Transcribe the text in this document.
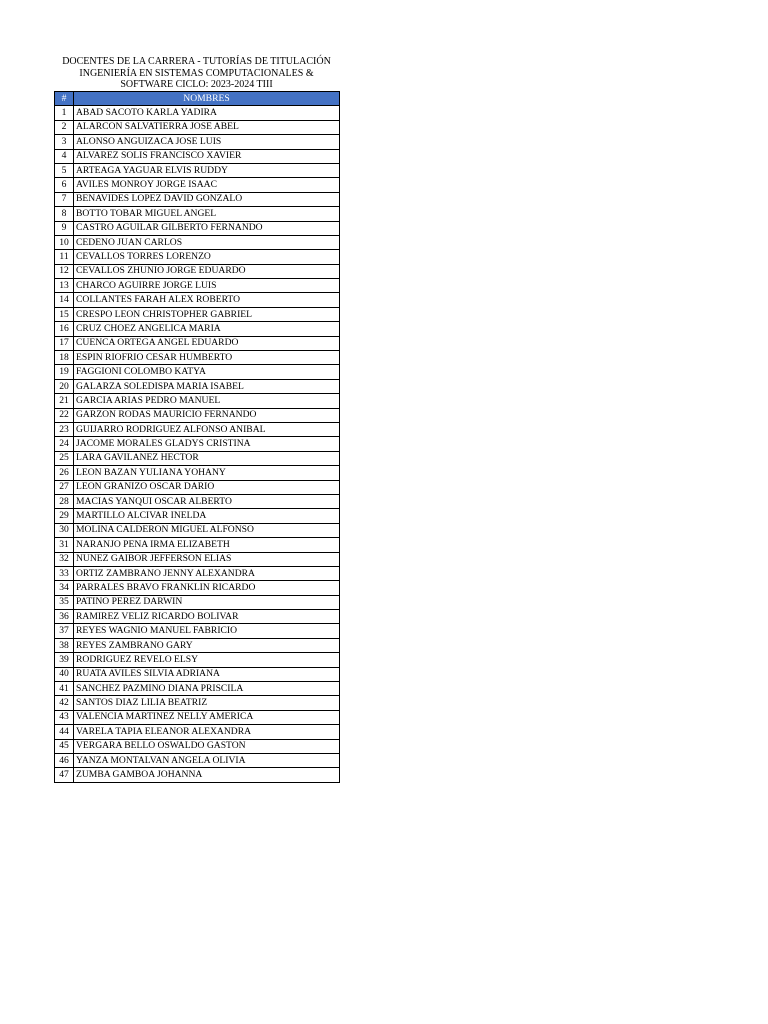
DOCENTES DE LA CARRERA - TUTORÍAS DE TITULACIÓN
INGENIERÍA EN SISTEMAS COMPUTACIONALES &
SOFTWARE CICLO: 2023-2024 TIII
#	NOMBRES
1	ABAD SACOTO KARLA YADIRA
2	ALARCON SALVATIERRA JOSE ABEL
3	ALONSO ANGUIZACA JOSE LUIS
4	ALVAREZ SOLIS FRANCISCO XAVIER
5	ARTEAGA YAGUAR ELVIS RUDDY
6	AVILES MONROY JORGE ISAAC
7	BENAVIDES LOPEZ DAVID GONZALO
8	BOTTO TOBAR MIGUEL ANGEL
9	CASTRO AGUILAR GILBERTO FERNANDO
10	CEDENO JUAN CARLOS
11	CEVALLOS TORRES LORENZO
12	CEVALLOS ZHUNIO JORGE EDUARDO
13	CHARCO AGUIRRE JORGE LUIS
14	COLLANTES FARAH ALEX ROBERTO
15	CRESPO LEON CHRISTOPHER GABRIEL
16	CRUZ CHOEZ ANGELICA MARIA
17	CUENCA ORTEGA ANGEL EDUARDO
18	ESPIN RIOFRIO CESAR HUMBERTO
19	FAGGIONI COLOMBO KATYA
20	GALARZA SOLEDISPA MARIA ISABEL
21	GARCIA ARIAS PEDRO MANUEL
22	GARZON RODAS MAURICIO FERNANDO
23	GUIJARRO RODRIGUEZ ALFONSO ANIBAL
24	JACOME MORALES GLADYS CRISTINA
25	LARA GAVILANEZ HECTOR
26	LEON BAZAN YULIANA YOHANY
27	LEON GRANIZO OSCAR DARIO
28	MACIAS YANQUI OSCAR ALBERTO
29	MARTILLO ALCIVAR INELDA
30	MOLINA CALDERON MIGUEL ALFONSO
31	NARANJO PENA IRMA ELIZABETH
32	NUNEZ GAIBOR JEFFERSON ELIAS
33	ORTIZ ZAMBRANO JENNY ALEXANDRA
34	PARRALES BRAVO FRANKLIN RICARDO
35	PATINO PEREZ DARWIN
36	RAMIREZ VELIZ RICARDO BOLIVAR
37	REYES WAGNIO MANUEL FABRICIO
38	REYES ZAMBRANO GARY
39	RODRIGUEZ REVELO ELSY
40	RUATA AVILES SILVIA ADRIANA
41	SANCHEZ PAZMINO DIANA PRISCILA
42	SANTOS DIAZ LILIA BEATRIZ
43	VALENCIA MARTINEZ NELLY AMERICA
44	VARELA TAPIA ELEANOR ALEXANDRA
45	VERGARA BELLO OSWALDO GASTON
46	YANZA MONTALVAN ANGELA OLIVIA
47	ZUMBA GAMBOA JOHANNA
